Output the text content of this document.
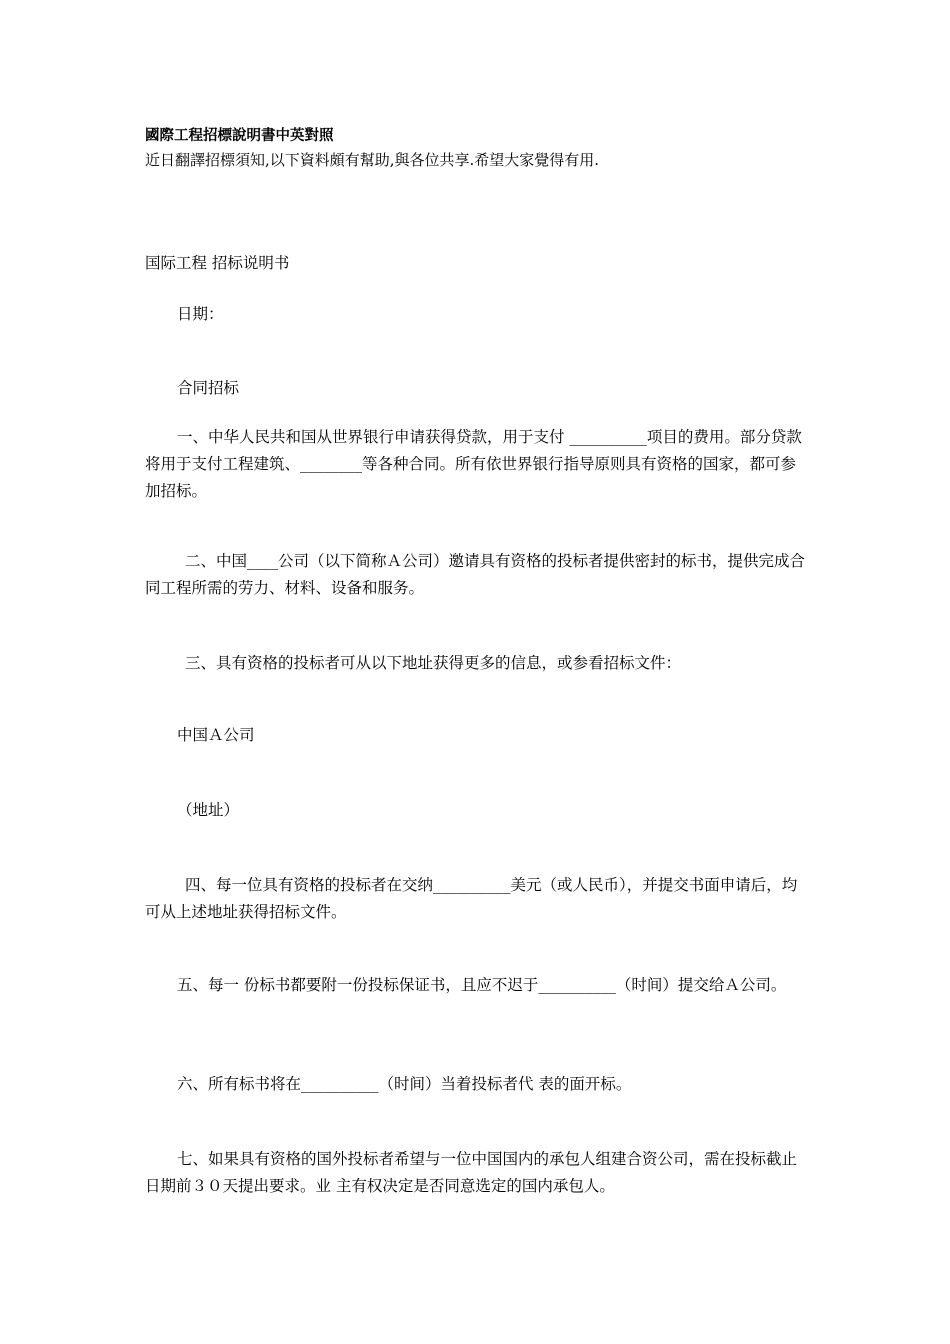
國際工程招標說明書中英對照
近日翻譯招標須知,以下資料頗有幫助,與各位共享.希望大家覺得有用.
国际工程 招标说明书
日期：
合同招标
一、中华人民共和国从世界银行申请获得贷款，用于支付 __________项目的费用。部分贷款将用于支付工程建筑、________等各种合同。所有依世界银行指导原则具有资格的国家，都可参加招标。
二、中国____公司（以下简称Ａ公司）邀请具有资格的投标者提供密封的标书，提供完成合同工程所需的劳力、材料、设备和服务。
三、具有资格的投标者可从以下地址获得更多的信息，或参看招标文件：
中国Ａ公司
（地址）
四、每一位具有资格的投标者在交纳__________美元（或人民币），并提交书面申请后，均可从上述地址获得招标文件。
五、每一 份标书都要附一份投标保证书，且应不迟于__________（时间）提交给Ａ公司。
六、所有标书将在__________（时间）当着投标者代 表的面开标。
七、如果具有资格的国外投标者希望与一位中国国内的承包人组建合资公司，需在投标截止日期前３０天提出要求。业 主有权决定是否同意选定的国内承包人。
